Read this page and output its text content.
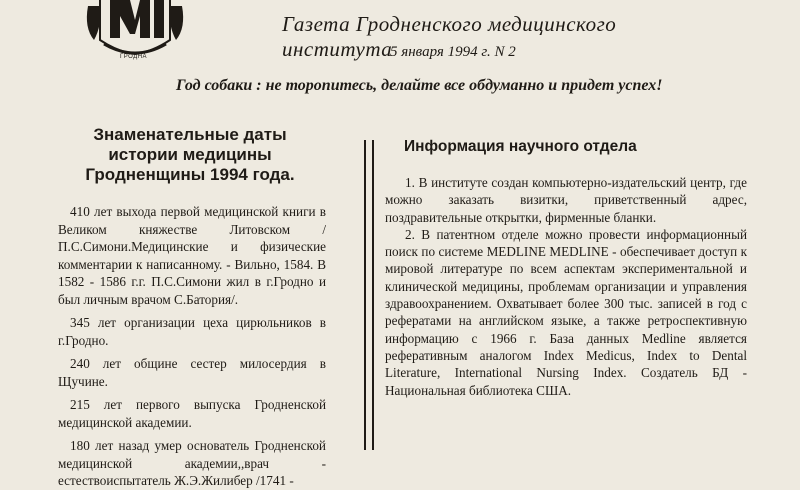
ГРОДНА
Газета Гродненского медицинского института
5 января 1994 г. N 2
Год собаки : не торопитесь, делайте все обдуманно и придет успех!
Знаменательные даты
истории медицины
Гродненщины 1994 года.

410 лет выхода первой медицинской книги в Великом княжестве Литовском /П.С.Симони.Медицинские и физические комментарии к написанному. - Вильно, 1584. В 1582 - 1586 г.г. П.С.Симони жил в г.Гродно и был личным врачом С.Батория/.

345 лет организации цеха цирюльников в г.Гродно.

240 лет общине сестер милосердия в Щучине.

215 лет первого выпуска Гродненской медицинской академии.

180 лет назад умер основатель Гродненской медицинской академии,,врач - естествоиспытатель Ж.Э.Жилибер /1741 -

Информация научного отдела

1. В институте создан компьютерно-издательский центр, где можно заказать визитки, приветственный адрес, поздравительные открытки, фирменные бланки.

2. В патентном отделе можно провести информационный поиск по системе MEDLINE MEDLINE - обеспечивает доступ к мировой литературе по всем аспектам экспериментальной и клинической медицины, проблемам организации и управления здравоохранением. Охватывает более 300 тыс. записей в год с рефератами на английском языке, а также ретроспективную информацию с 1966 г. База данных Medline является реферативным аналогом Index Medicus, Index to Dental Literature, International Nursing Index. Создатель БД - Национальная библиотека США.
